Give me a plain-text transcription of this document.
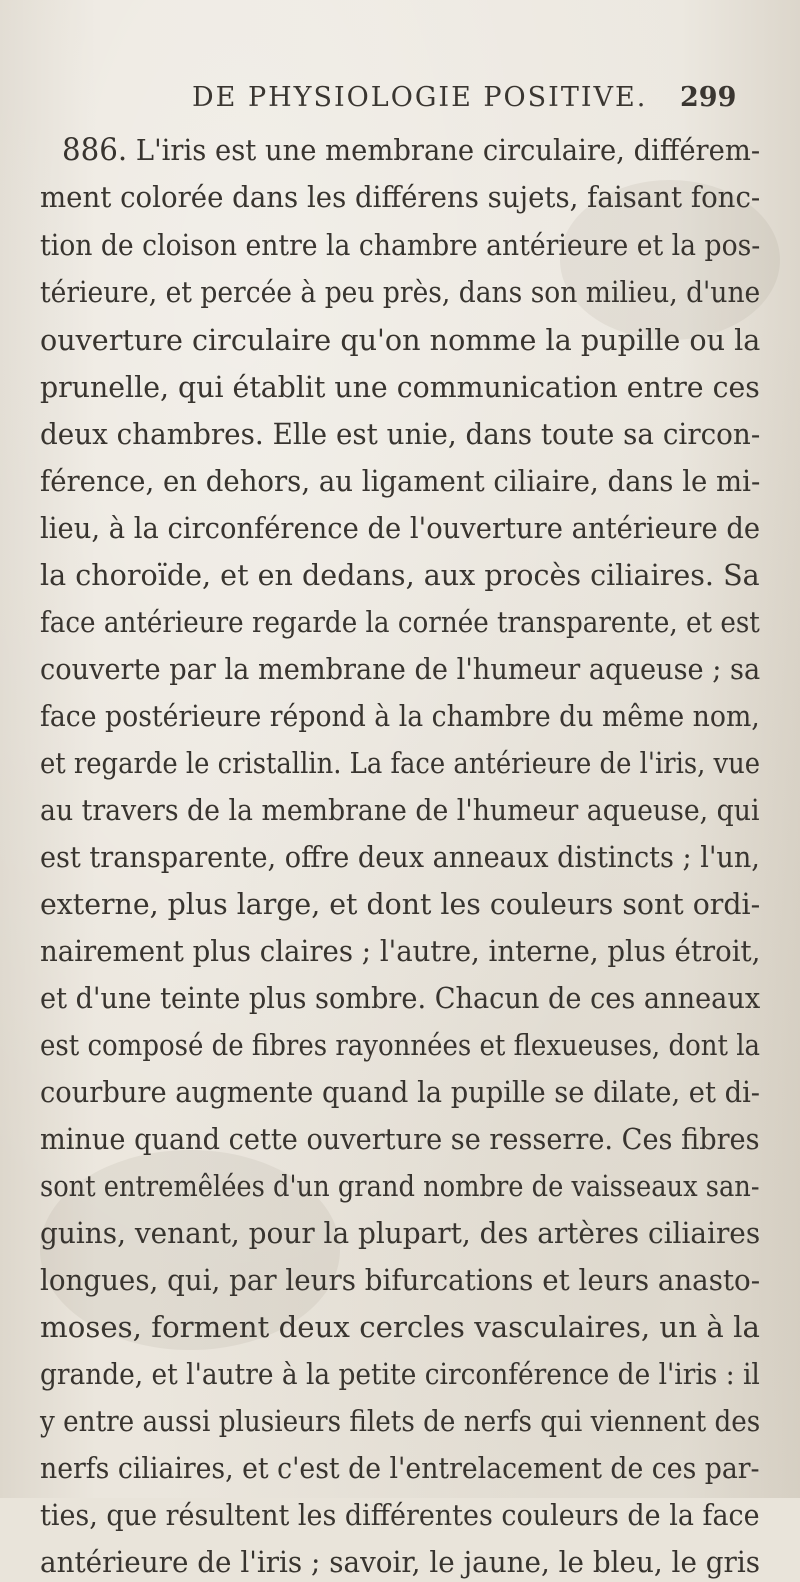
DE PHYSIOLOGIE POSITIVE. 299
886. L'iris est une membrane circulaire, différem-
ment colorée dans les différens sujets, faisant fonc-
tion de cloison entre la chambre antérieure et la pos-
térieure, et percée à peu près, dans son milieu, d'une
ouverture circulaire qu'on nomme la pupille ou la
prunelle, qui établit une communication entre ces
deux chambres. Elle est unie, dans toute sa circon-
férence, en dehors, au ligament ciliaire, dans le mi-
lieu, à la circonférence de l'ouverture antérieure de
la choroïde, et en dedans, aux procès ciliaires. Sa
face antérieure regarde la cornée transparente, et est
couverte par la membrane de l'humeur aqueuse ; sa
face postérieure répond à la chambre du même nom,
et regarde le cristallin. La face antérieure de l'iris, vue
au travers de la membrane de l'humeur aqueuse, qui
est transparente, offre deux anneaux distincts ; l'un,
externe, plus large, et dont les couleurs sont ordi-
nairement plus claires ; l'autre, interne, plus étroit,
et d'une teinte plus sombre. Chacun de ces anneaux
est composé de fibres rayonnées et flexueuses, dont la
courbure augmente quand la pupille se dilate, et di-
minue quand cette ouverture se resserre. Ces fibres
sont entremêlées d'un grand nombre de vaisseaux san-
guins, venant, pour la plupart, des artères ciliaires
longues, qui, par leurs bifurcations et leurs anasto-
moses, forment deux cercles vasculaires, un à la
grande, et l'autre à la petite circonférence de l'iris : il
y entre aussi plusieurs filets de nerfs qui viennent des
nerfs ciliaires, et c'est de l'entrelacement de ces par-
ties, que résultent les différentes couleurs de la face
antérieure de l'iris ; savoir, le jaune, le bleu, le gris
